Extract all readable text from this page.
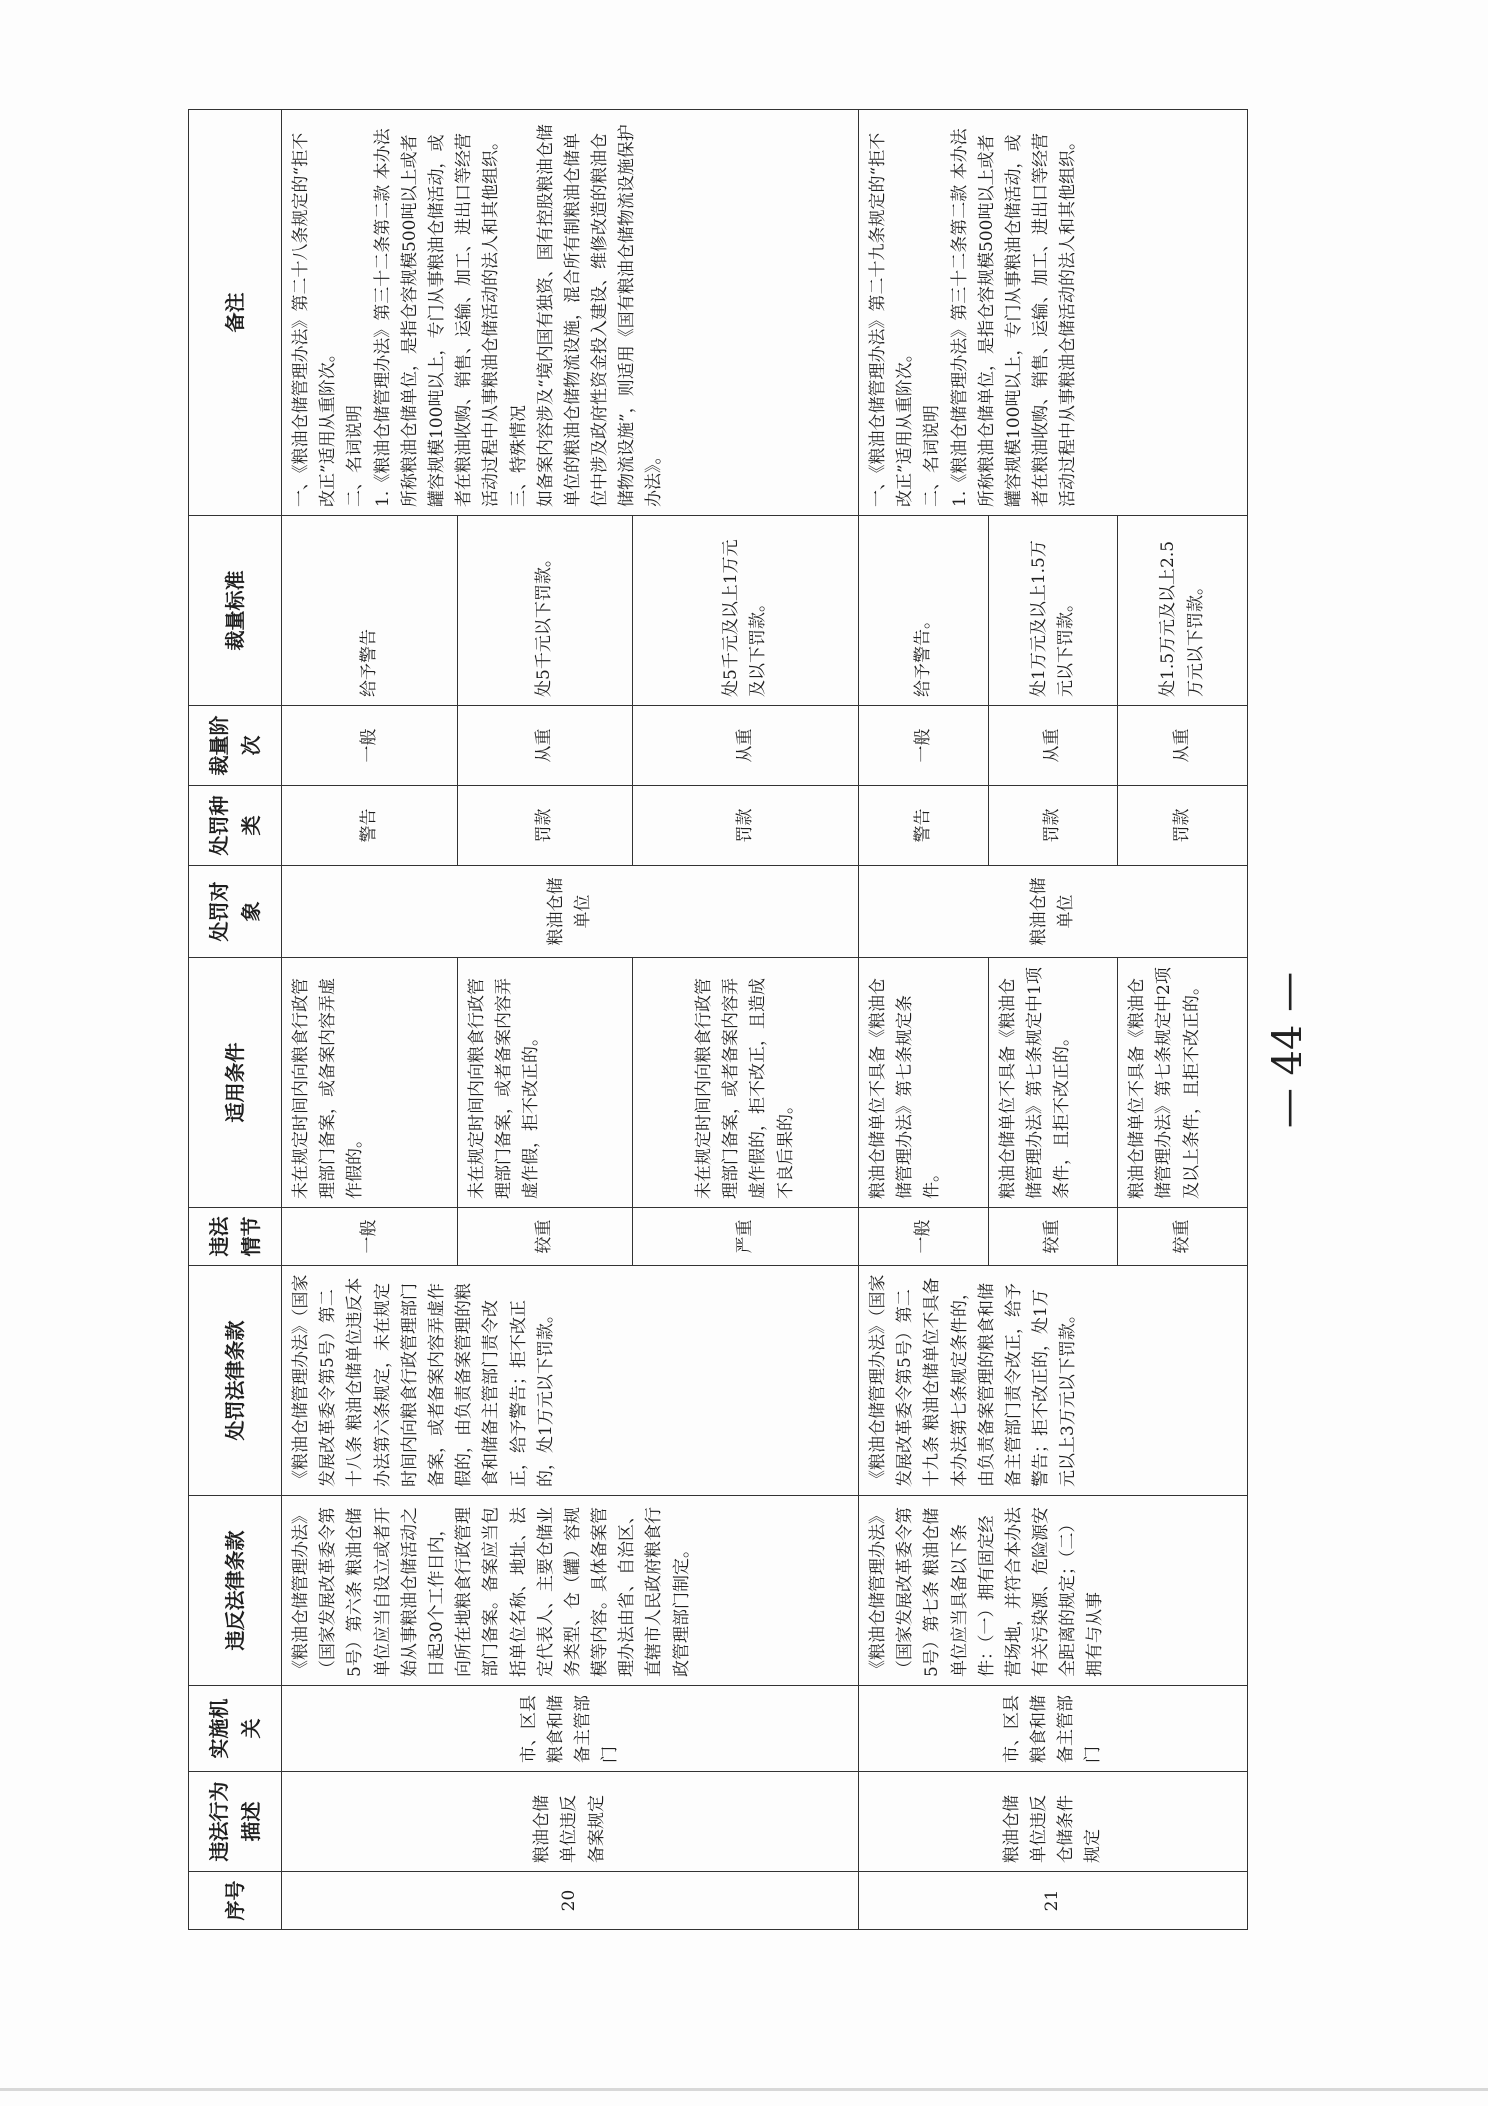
序号	违法行为描述	实施机关	违反法律条款	处罚法律条款	违法情节	适用条件	处罚对象	处罚种类	裁量阶次	裁量标准	备注
20	粮油仓储单位违反备案规定	市、区县粮食和储备主管部门	《粮油仓储管理办法》（国家发展改革委令第5号）第六条 粮油仓储单位应当自设立或者开始从事粮油仓储活动之日起30个工作日内，向所在地粮食行政管理部门备案。备案应当包括单位名称、地址、法定代表人、主要仓储业务类型、仓（罐）容规模等内容。具体备案管理办法由省、自治区、直辖市人民政府粮食行政管理部门制定。	《粮油仓储管理办法》（国家发展改革委令第5号）第二十八条 粮油仓储单位违反本办法第六条规定，未在规定时间内向粮食行政管理部门备案，或者备案内容弄虚作假的，由负责备案管理的粮食和储备主管部门责令改正，给予警告；拒不改正的，处1万元以下罚款。	一般	未在规定时间内向粮食行政管理部门备案，或备案内容弄虚作假的。	粮油仓储单位	警告	一般	给予警告	一、《粮油仓储管理办法》第二十八条规定的“拒不改正”适用从重阶次。 二、名词说明 1.《粮油仓储管理办法》第三十二条第二款 本办法所称粮油仓储单位，是指仓容规模500吨以上或者罐容规模100吨以上，专门从事粮油仓储活动，或者在粮油收购、销售、运输、加工、进出口等经营活动过程中从事粮油仓储活动的法人和其他组织。 三、特殊情况 如备案内容涉及“境内国有独资、国有控股粮油仓储单位的粮油仓储物流设施，混合所有制粮油仓储单位中涉及政府性资金投入建设、维修改造的粮油仓储物流设施”，则适用《国有粮油仓储物流设施保护办法》。

					较重	未在规定时间内向粮食行政管理部门备案，或者备案内容弄虚作假，拒不改正的。		罚款	从重	处5千元以下罚款。	
					严重	未在规定时间内向粮食行政管理部门备案，或者备案内容弄虚作假的，拒不改正，且造成不良后果的。		罚款	从重	处5千元及以上1万元及以下罚款。	
21	粮油仓储单位违反仓储条件规定	市、区县粮食和储备主管部门	《粮油仓储管理办法》（国家发展改革委令第5号）第七条 粮油仓储单位应当具备以下条件：（一）拥有固定经营场地，并符合本办法有关污染源、危险源安全距离的规定；（二）拥有与从事	《粮油仓储管理办法》（国家发展改革委令第5号）第二十九条 粮油仓储单位不具备本办法第七条规定条件的，由负责备案管理的粮食和储备主管部门责令改正，给予警告；拒不改正的，处1万元以上3万元以下罚款。	一般	粮油仓储单位不具备《粮油仓储管理办法》第七条规定条件。	粮油仓储单位	警告	一般	给予警告。	一、《粮油仓储管理办法》第二十九条规定的“拒不改正”适用从重阶次。 二、名词说明 1.《粮油仓储管理办法》第三十二条第二款 本办法所称粮油仓储单位，是指仓容规模500吨以上或者罐容规模100吨以上，专门从事粮油仓储活动，或者在粮油收购、销售、运输、加工、进出口等经营活动过程中从事粮油仓储活动的法人和其他组织。

					较重	粮油仓储单位不具备《粮油仓储管理办法》第七条规定中1项条件，且拒不改正的。		罚款	从重	处1万元及以上1.5万元以下罚款。	
					较重	粮油仓储单位不具备《粮油仓储管理办法》第七条规定中2项及以上条件，且拒不改正的。		罚款	从重	处1.5万元及以上2.5万元以下罚款。	
— 44 —
